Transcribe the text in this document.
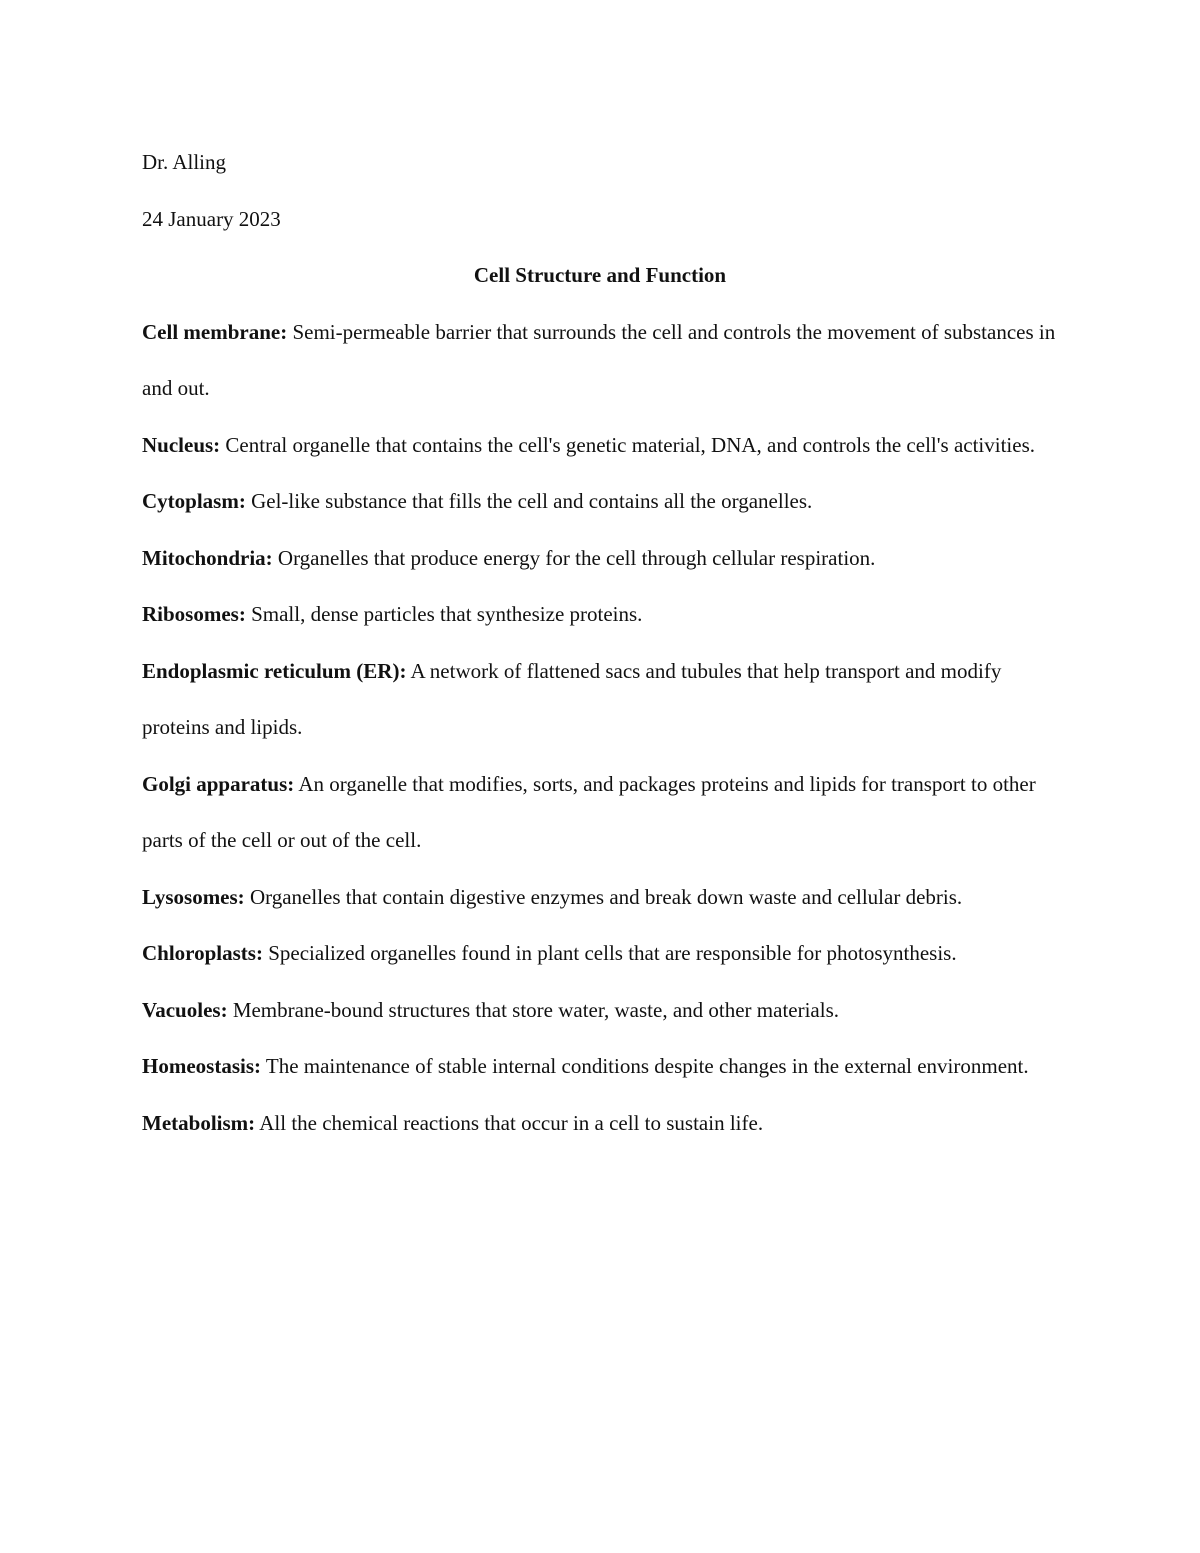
Dr. Alling

24 January 2023

Cell Structure and Function

Cell membrane: Semi-permeable barrier that surrounds the cell and controls the movement of substances in and out.

Nucleus: Central organelle that contains the cell's genetic material, DNA, and controls the cell's activities.

Cytoplasm: Gel-like substance that fills the cell and contains all the organelles.

Mitochondria: Organelles that produce energy for the cell through cellular respiration.

Ribosomes: Small, dense particles that synthesize proteins.

Endoplasmic reticulum (ER): A network of flattened sacs and tubules that help transport and modify proteins and lipids.

Golgi apparatus: An organelle that modifies, sorts, and packages proteins and lipids for transport to other parts of the cell or out of the cell.

Lysosomes: Organelles that contain digestive enzymes and break down waste and cellular debris.

Chloroplasts: Specialized organelles found in plant cells that are responsible for photosynthesis.

Vacuoles: Membrane-bound structures that store water, waste, and other materials.

Homeostasis: The maintenance of stable internal conditions despite changes in the external environment.

Metabolism: All the chemical reactions that occur in a cell to sustain life.
